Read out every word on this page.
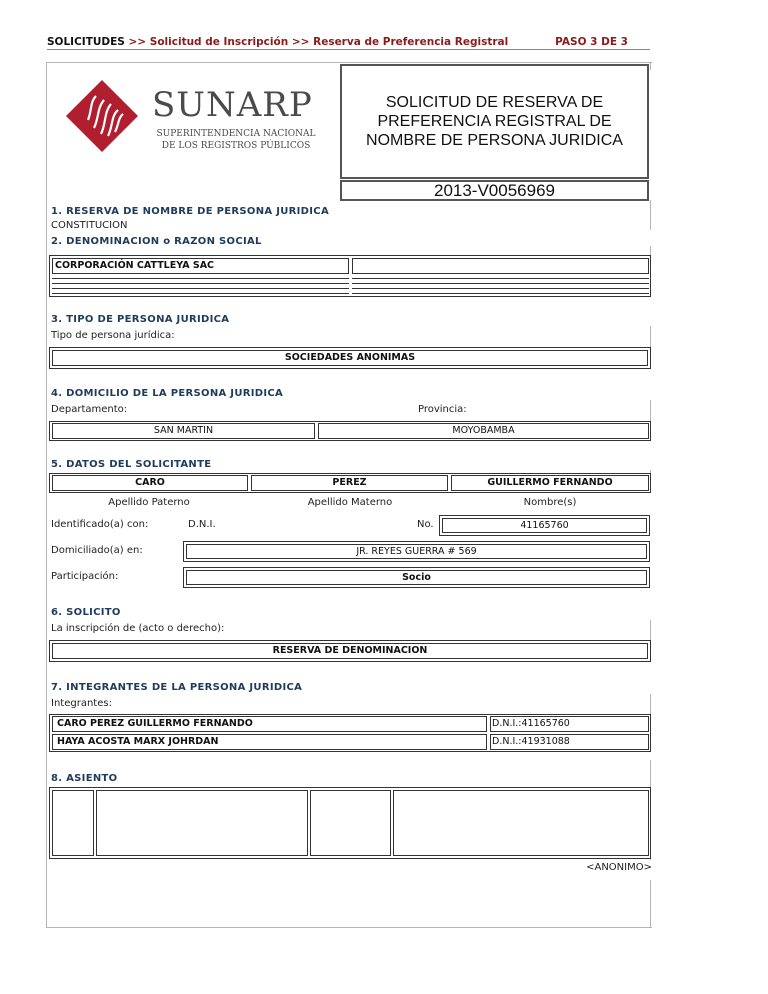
SOLICITUDES >> Solicitud de Inscripción >> Reserva de Preferencia Registral	PASO 3 DE 3
SUNARP
SUPERINTENDENCIA NACIONAL
DE LOS REGISTROS PÚBLICOS
SOLICITUD DE RESERVA DE PREFERENCIA REGISTRAL DE NOMBRE DE PERSONA JURIDICA
2013-V0056969
1. RESERVA DE NOMBRE DE PERSONA JURIDICA
CONSTITUCION
2. DENOMINACION o RAZON SOCIAL
CORPORACIÓN CATTLEYA SAC
3. TIPO DE PERSONA JURIDICA
Tipo de persona jurídica:
SOCIEDADES ANONIMAS
4. DOMICILIO DE LA PERSONA JURIDICA
Departamento:	Provincia:
SAN MARTIN	MOYOBAMBA
5. DATOS DEL SOLICITANTE
CARO	PEREZ	GUILLERMO FERNANDO
Apellido Paterno	Apellido Materno	Nombre(s)
Identificado(a) con:	D.N.I.	No.	41165760
Domiciliado(a) en:	JR. REYES GUERRA # 569
Participación:	Socio
6. SOLICITO
La inscripción de (acto o derecho):
RESERVA DE DENOMINACION
7. INTEGRANTES DE LA PERSONA JURIDICA
Integrantes:
CARO PEREZ GUILLERMO FERNANDO	D.N.I.:41165760
HAYA ACOSTA MARX JOHRDAN	D.N.I.:41931088
8. ASIENTO
<ANONIMO>
